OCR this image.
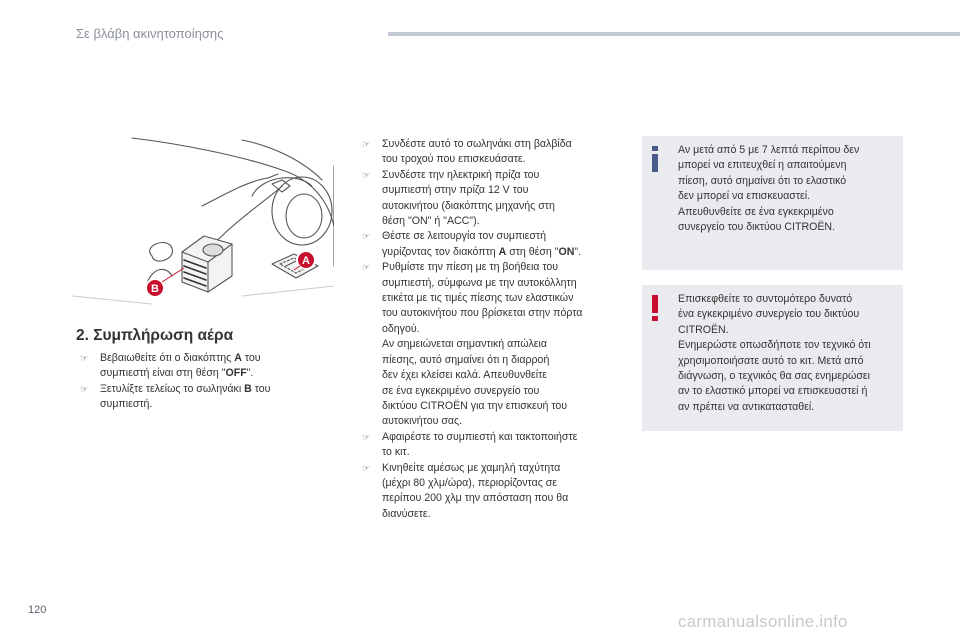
Σε βλάβη ακινητοποίησης
B
A
2. Συμπλήρωση αέρα
☞ Βεβαιωθείτε ότι ο διακόπτης A του
συμπιεστή είναι στη θέση "OFF".
☞ Ξετυλίξτε τελείως το σωληνάκι B του
συμπιεστή.
☞ Συνδέστε αυτό το σωληνάκι στη βαλβίδα
του τροχού που επισκευάσατε.
☞ Συνδέστε την ηλεκτρική πρίζα του
συμπιεστή στην πρίζα 12 V του
αυτοκινήτου (διακόπτης μηχανής στη
θέση "ON" ή "ACC").
☞ Θέστε σε λειτουργία τον συμπιεστή
γυρίζοντας τον διακόπτη A στη θέση "ON".
☞ Ρυθμίστε την πίεση με τη βοήθεια του
συμπιεστή, σύμφωνα με την αυτοκόλλητη
ετικέτα με τις τιμές πίεσης των ελαστικών
του αυτοκινήτου που βρίσκεται στην πόρτα
οδηγού.
Αν σημειώνεται σημαντική απώλεια
πίεσης, αυτό σημαίνει ότι η διαρροή
δεν έχει κλείσει καλά. Απευθυνθείτε
σε ένα εγκεκριμένο συνεργείο του
δικτύου CITROËN για την επισκευή του
αυτοκινήτου σας.
☞ Αφαιρέστε το συμπιεστή και τακτοποιήστε
το κιτ.
☞ Κινηθείτε αμέσως με χαμηλή ταχύτητα
(μέχρι 80 χλμ/ώρα), περιορίζοντας σε
περίπου 200 χλμ την απόσταση που θα
διανύσετε.
Αν μετά από 5 με 7 λεπτά περίπου δεν
μπορεί να επιτευχθεί η απαιτούμενη
πίεση, αυτό σημαίνει ότι το ελαστικό
δεν μπορεί να επισκευαστεί.
Απευθυνθείτε σε ένα εγκεκριμένο
συνεργείο του δικτύου CITROËN.
Επισκεφθείτε το συντομότερο δυνατό
ένα εγκεκριμένο συνεργείο του δικτύου
CITROËN.
Ενημερώστε οπωσδήποτε τον τεχνικό ότι
χρησιμοποιήσατε αυτό το κιτ. Μετά από
διάγνωση, ο τεχνικός θα σας ενημερώσει
αν το ελαστικό μπορεί να επισκευαστεί ή
αν πρέπει να αντικατασταθεί.
120
carmanualsonline.info
